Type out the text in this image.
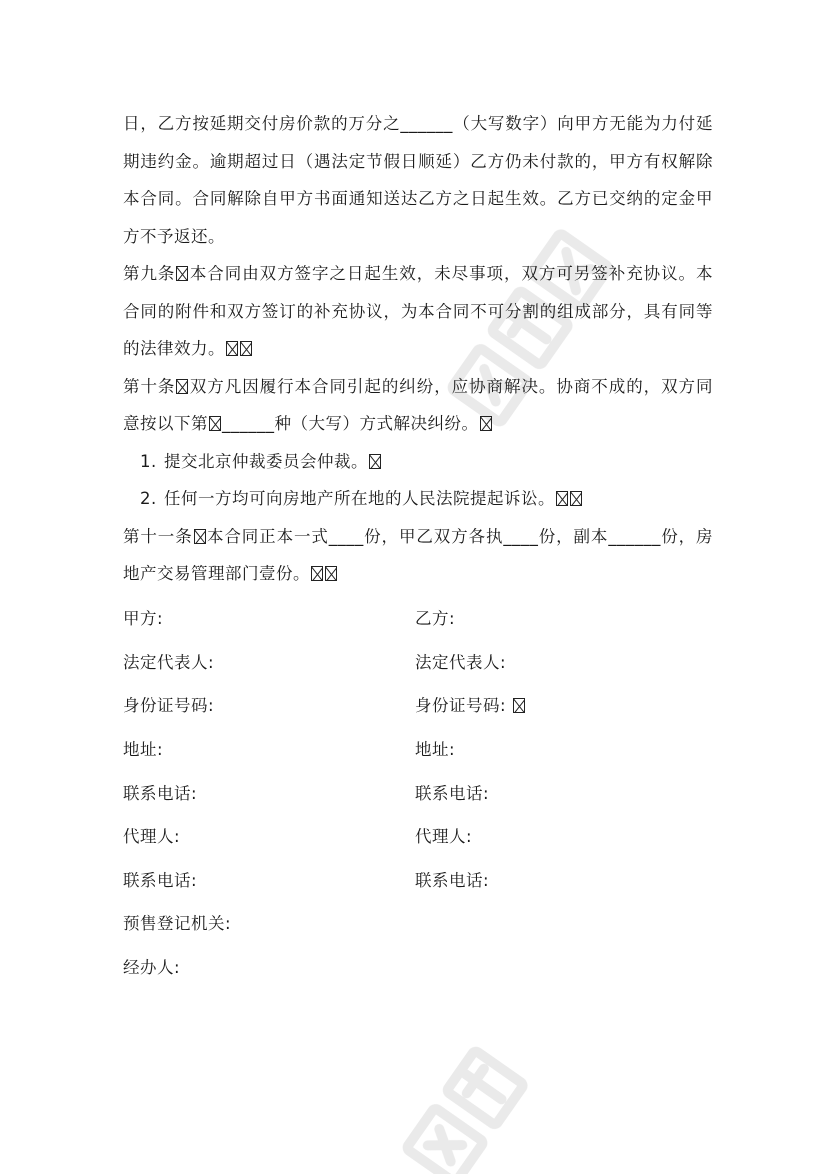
日，乙方按延期交付房价款的万分之______（大写数字）向甲方无能为力付延期违约金。逾期超过日（遇法定节假日顺延）乙方仍未付款的，甲方有权解除本合同。合同解除自甲方书面通知送达乙方之日起生效。乙方已交纳的定金甲方不予返还。

第九条 本合同由双方签字之日起生效，未尽事项，双方可另签补充协议。本合同的附件和双方签订的补充协议，为本合同不可分割的组成部分，具有同等的法律效力。

第十条 双方凡因履行本合同引起的纠纷，应协商解决。协商不成的，双方同意按以下第 ______种（大写）方式解决纠纷。

1. 提交北京仲裁委员会仲裁。

2. 任何一方均可向房地产所在地的人民法院提起诉讼。

第十一条 本合同正本一式____份，甲乙双方各执____份，副本______份，房地产交易管理部门壹份。

甲方:	乙方:
法定代表人:	法定代表人:
身份证号码:	身份证号码:
地址:	地址:
联系电话:	联系电话:
代理人:	代理人:
联系电话:	联系电话:
预售登记机关:
经办人:
